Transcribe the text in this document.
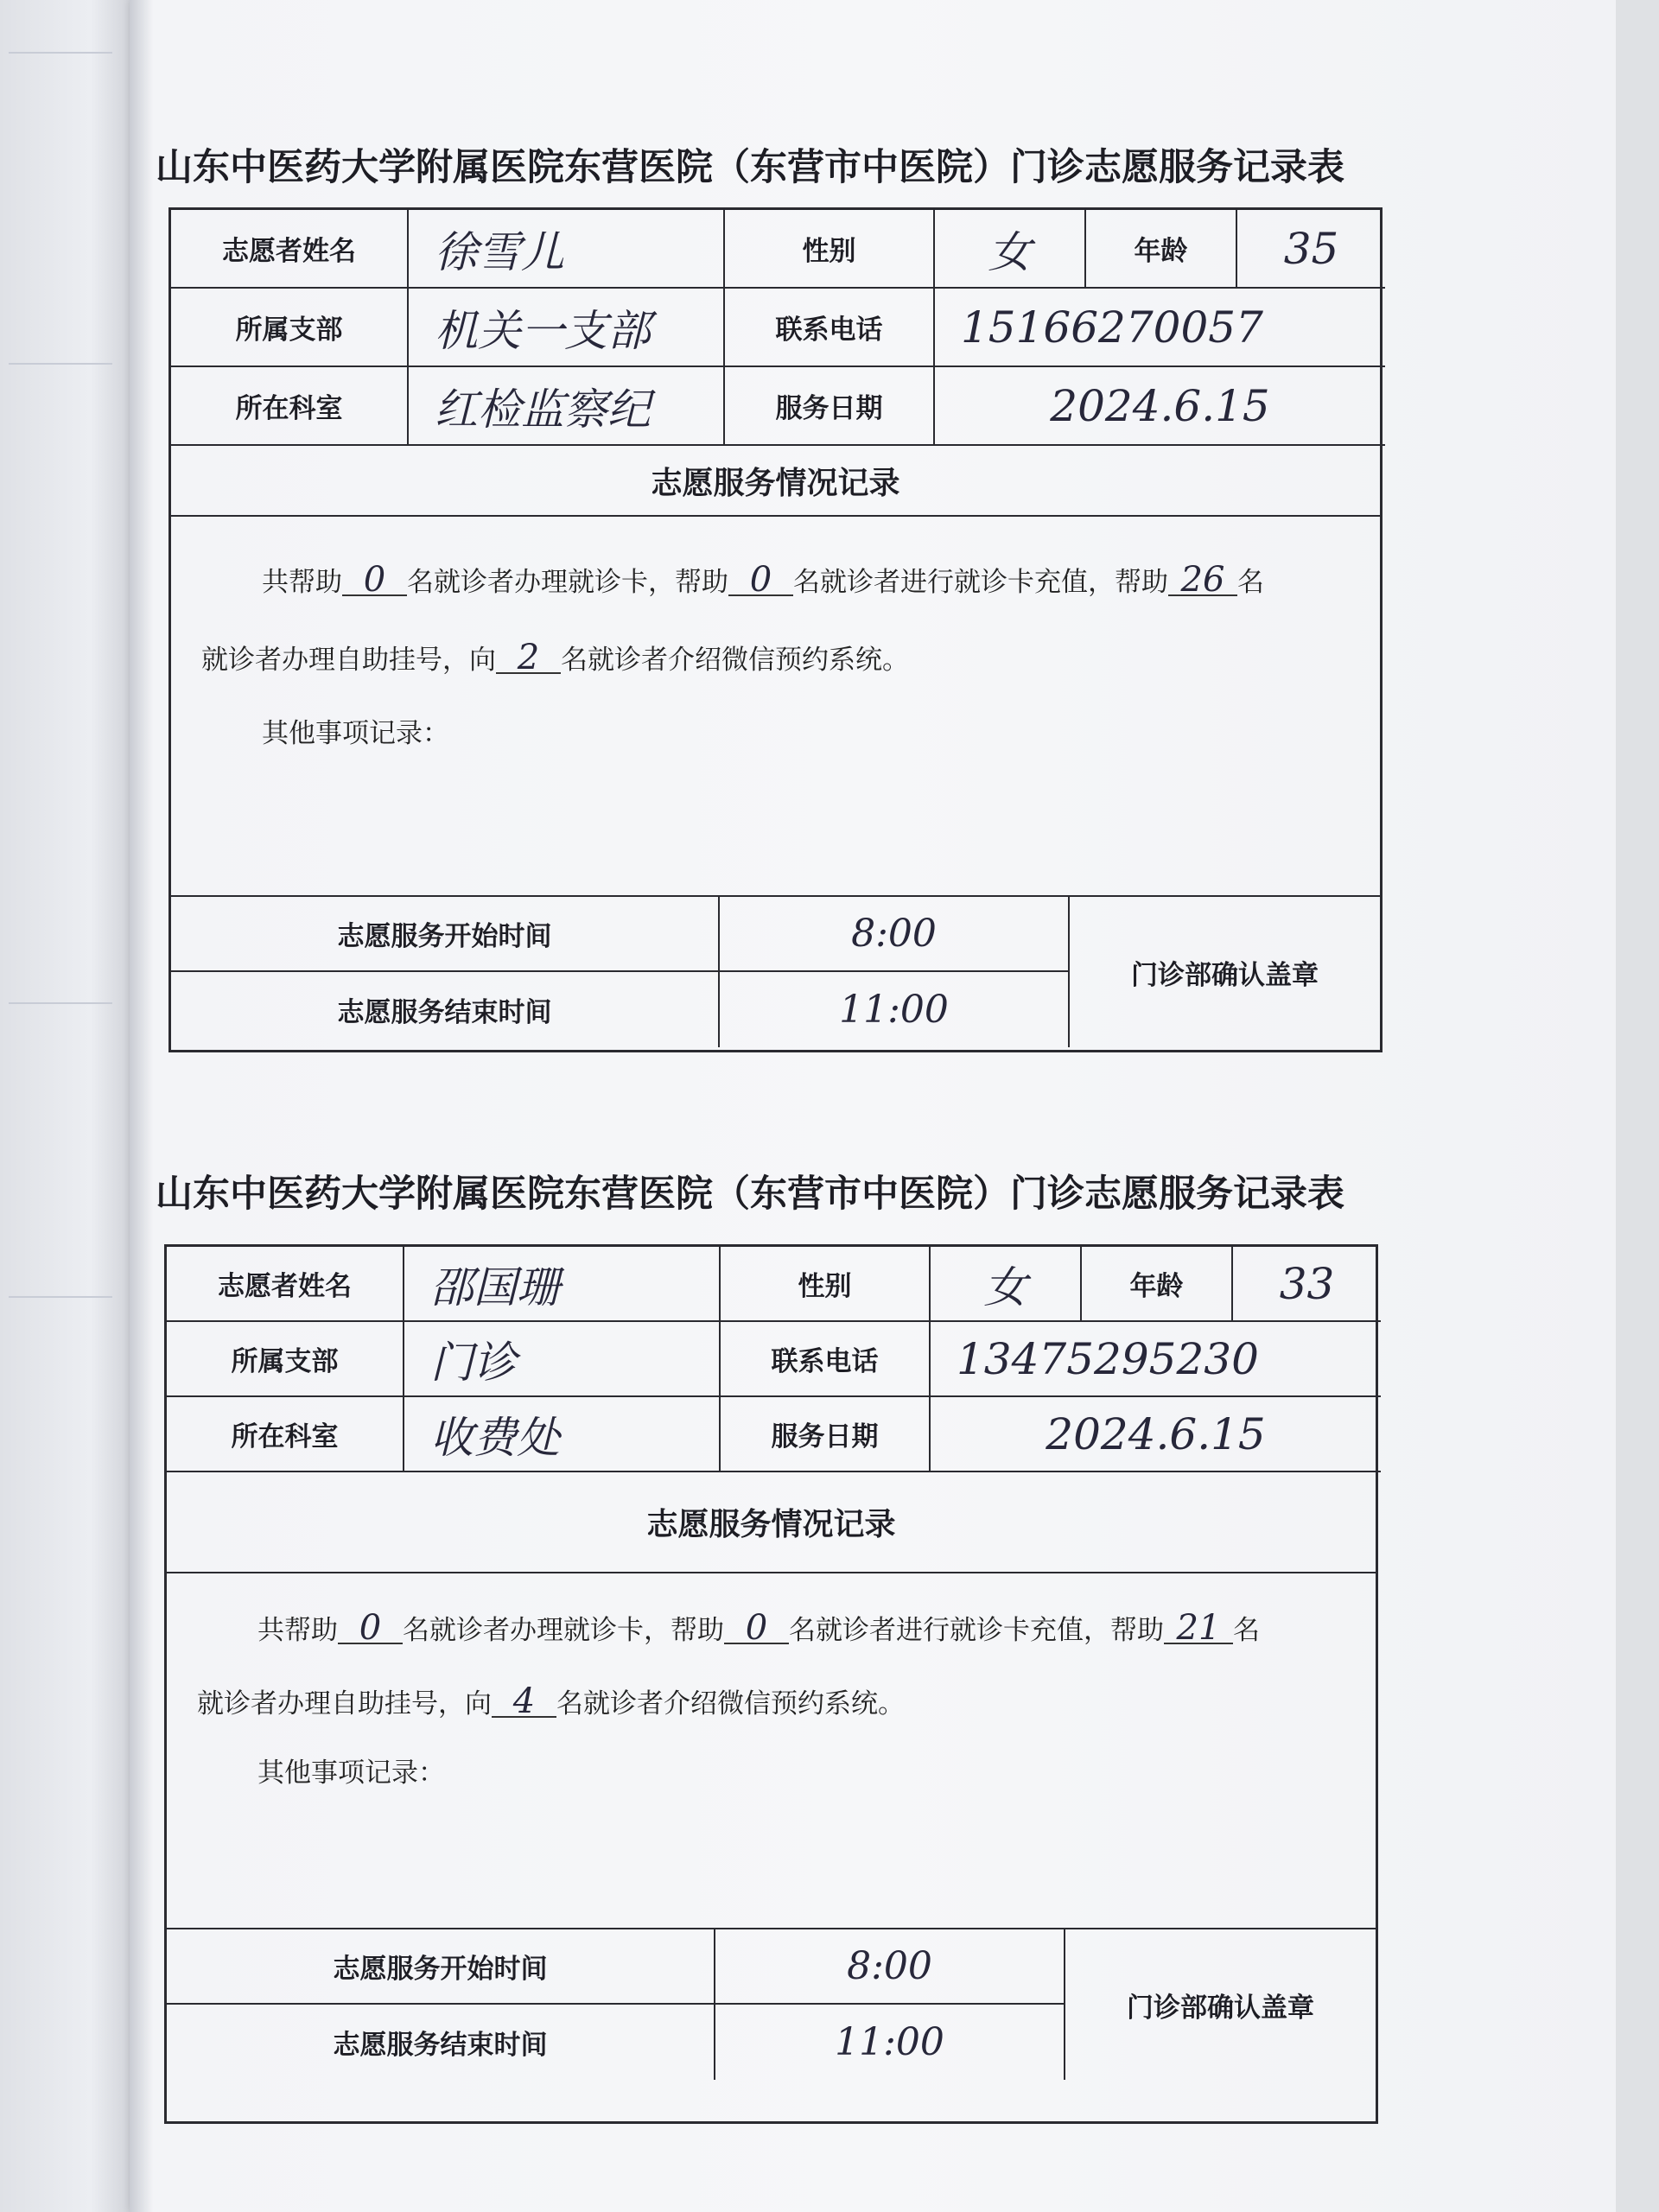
山东中医药大学附属医院东营医院（东营市中医院）门诊志愿服务记录表
志愿者姓名	徐雪儿	性别	女	年龄	35
所属支部	机关一支部	联系电话	15166270057
所在科室	红检监察纪	服务日期	2024.6.15
志愿服务情况记录
共帮助 0 名就诊者办理就诊卡，帮助 0 名就诊者进行就诊卡充值，帮助 26 名
就诊者办理自助挂号，向 2 名就诊者介绍微信预约系统。
其他事项记录：
志愿服务开始时间	8:00
门诊部确认盖章
志愿服务结束时间	11:00
山东中医药大学附属医院东营医院（东营市中医院）门诊志愿服务记录表
志愿者姓名	邵国珊	性别	女	年龄	33
所属支部	门诊	联系电话	13475295230
所在科室	收费处	服务日期	2024.6.15
志愿服务情况记录
共帮助 0 名就诊者办理就诊卡，帮助 0 名就诊者进行就诊卡充值，帮助 21 名
就诊者办理自助挂号，向 4 名就诊者介绍微信预约系统。
其他事项记录：
志愿服务开始时间	8:00
门诊部确认盖章
志愿服务结束时间	11:00
